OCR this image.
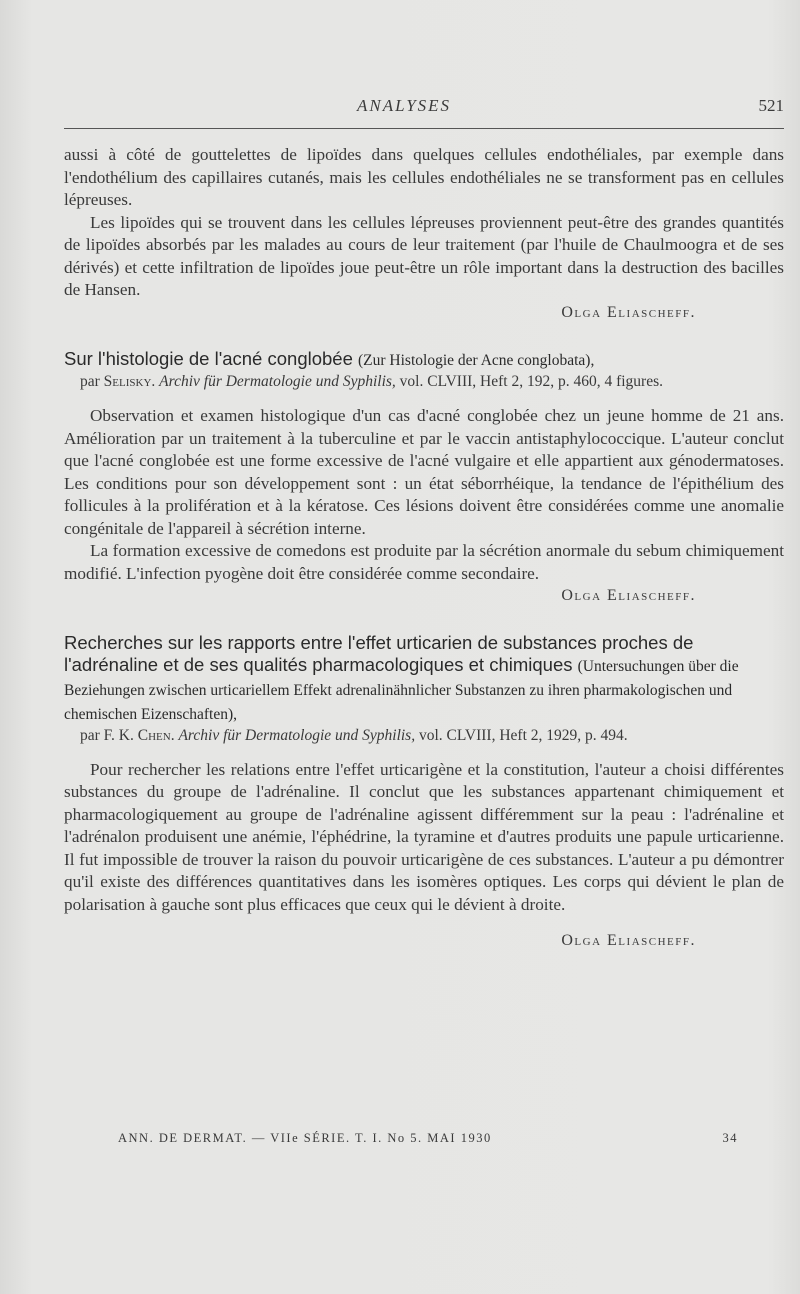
ANALYSES	521

aussi à côté de gouttelettes de lipoïdes dans quelques cellules endothéliales, par exemple dans l'endothélium des capillaires cutanés, mais les cellules endothéliales ne se transforment pas en cellules lépreuses.

Les lipoïdes qui se trouvent dans les cellules lépreuses proviennent peut-être des grandes quantités de lipoïdes absorbés par les malades au cours de leur traitement (par l'huile de Chaulmoogra et de ses dérivés) et cette infiltration de lipoïdes joue peut-être un rôle important dans la destruction des bacilles de Hansen.

Olga Eliascheff.

Sur l'histologie de l'acné conglobée (Zur Histologie der Acne conglobata),
par Selisky. Archiv für Dermatologie und Syphilis, vol. CLVIII, Heft 2, 192, p. 460, 4 figures.

Observation et examen histologique d'un cas d'acné conglobée chez un jeune homme de 21 ans. Amélioration par un traitement à la tuberculine et par le vaccin antistaphylococcique. L'auteur conclut que l'acné conglobée est une forme excessive de l'acné vulgaire et elle appartient aux génodermatoses. Les conditions pour son développement sont : un état séborrhéique, la tendance de l'épithélium des follicules à la prolifération et à la kératose. Ces lésions doivent être considérées comme une anomalie congénitale de l'appareil à sécrétion interne.

La formation excessive de comedons est produite par la sécrétion anormale du sebum chimiquement modifié. L'infection pyogène doit être considérée comme secondaire.

Olga Eliascheff.

Recherches sur les rapports entre l'effet urticarien de substances proches de l'adrénaline et de ses qualités pharmacologiques et chimiques (Untersuchungen über die Beziehungen zwischen urticariellem Effekt adrenalinähnlicher Substanzen zu ihren pharmakologischen und chemischen Eizenschaften),
par F. K. Chen. Archiv für Dermatologie und Syphilis, vol. CLVIII, Heft 2, 1929, p. 494.

Pour rechercher les relations entre l'effet urticarigène et la constitution, l'auteur a choisi différentes substances du groupe de l'adrénaline. Il conclut que les substances appartenant chimiquement et pharmacologiquement au groupe de l'adrénaline agissent différemment sur la peau : l'adrénaline et l'adrénalon produisent une anémie, l'éphédrine, la tyramine et d'autres produits une papule urticarienne. Il fut impossible de trouver la raison du pouvoir urticarigène de ces substances. L'auteur a pu démontrer qu'il existe des différences quantitatives dans les isomères optiques. Les corps qui dévient le plan de polarisation à gauche sont plus efficaces que ceux qui le dévient à droite.

Olga Eliascheff.

ANN. DE DERMAT. — VIIe SÉRIE. T. I. No 5. MAI 1930	34
